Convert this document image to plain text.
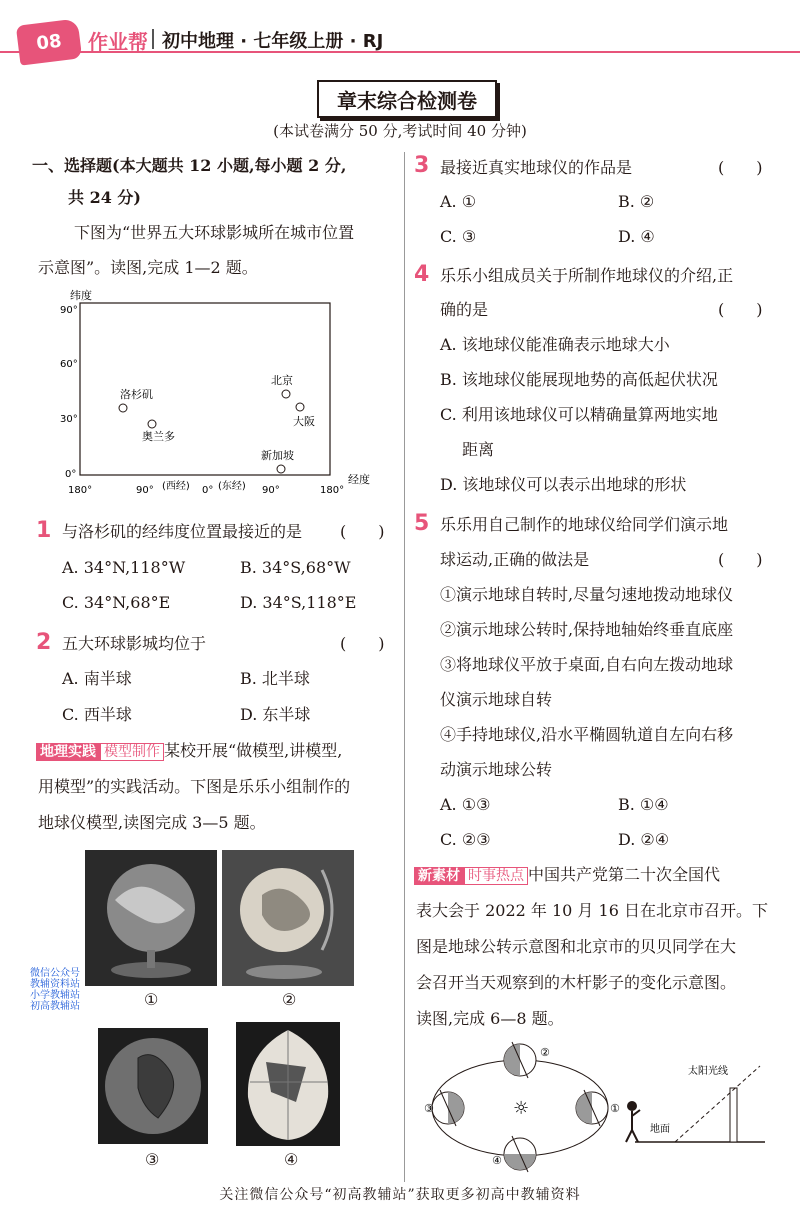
08	作业帮 初中地理 · 七年级上册 · RJ
章末综合检测卷
(本试卷满分 50 分,考试时间 40 分钟)
一、选择题(本大题共 12 小题,每小题 2 分,
共 24 分)
下图为“世界五大环球影城所在城市位置
示意图”。读图,完成 1—2 题。
纬度
90°
60°
30°
0°	经度
180°	90° (西经) 0° (东经) 90°	180°
洛杉矶
奥兰多
北京
大阪
新加坡
1 与洛杉矶的经纬度位置最接近的是 (　　)
A. 34°N,118°W	B. 34°S,68°W
C. 34°N,68°E	D. 34°S,118°E
2 五大环球影城均位于	(　　)
A. 南半球	B. 北半球
C. 西半球	D. 东半球
地理实践 模型制作 某校开展“做模型,讲模型,
用模型”的实践活动。下图是乐乐小组制作的
地球仪模型,读图完成 3—5 题。
①	②
③	④
微信公众号
教辅资料站
小学教辅站
初高教辅站
3 最接近真实地球仪的作品是	(　　)
A. ①	B. ②
C. ③	D. ④
4 乐乐小组成员关于所制作地球仪的介绍,正
确的是	(　　)
A. 该地球仪能准确表示地球大小
B. 该地球仪能展现地势的高低起伏状况
C. 利用该地球仪可以精确量算两地实地
距离
D. 该地球仪可以表示出地球的形状
5 乐乐用自己制作的地球仪给同学们演示地
球运动,正确的做法是	(　　)
①演示地球自转时,尽量匀速地拨动地球仪
②演示地球公转时,保持地轴始终垂直底座
③将地球仪平放于桌面,自右向左拨动地球
仪演示地球自转
④手持地球仪,沿水平椭圆轨道自左向右移
动演示地球公转
A. ①③	B. ①④
C. ②③	D. ②④
新素材 时事热点 中国共产党第二十次全国代
表大会于 2022 年 10 月 16 日在北京市召开。下
图是地球公转示意图和北京市的贝贝同学在大
会召开当天观察到的木杆影子的变化示意图。
读图,完成 6—8 题。
☼
②
③	①
④
地面
太阳光线
关注微信公众号“初高教辅站”获取更多初高中教辅资料
